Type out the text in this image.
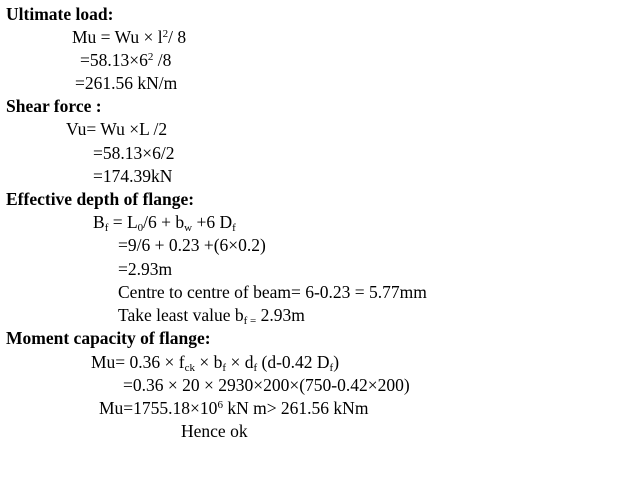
Ultimate load:
$Mu = Wu \times l^2/$ 8
$=58.13\times 6^2$ /8
=261.56 kN/m
Shear force :
Vu= Wu ×L /2
=58.13×6/2
=174.39kN
Effective depth of flange:
$B_f = L_0/6 + b_w +6$ $D_f$
=9/6 + 0.23 +(6×0.2)
=2.93m
Centre to centre of beam= 6-0.23 = 5.77mm
Take least value $b_{f =}$ 2.93m
Moment capacity of flange:
$Mu= 0.36 \times f_{ck} \times b_f \times d_f$ (d-0.42 $D_f$)
=0.36 × 20 × 2930×200×(750-0.42×200)
$Mu=1755.18\times 10^6$ kN m> 261.56 kNm
Hence ok
